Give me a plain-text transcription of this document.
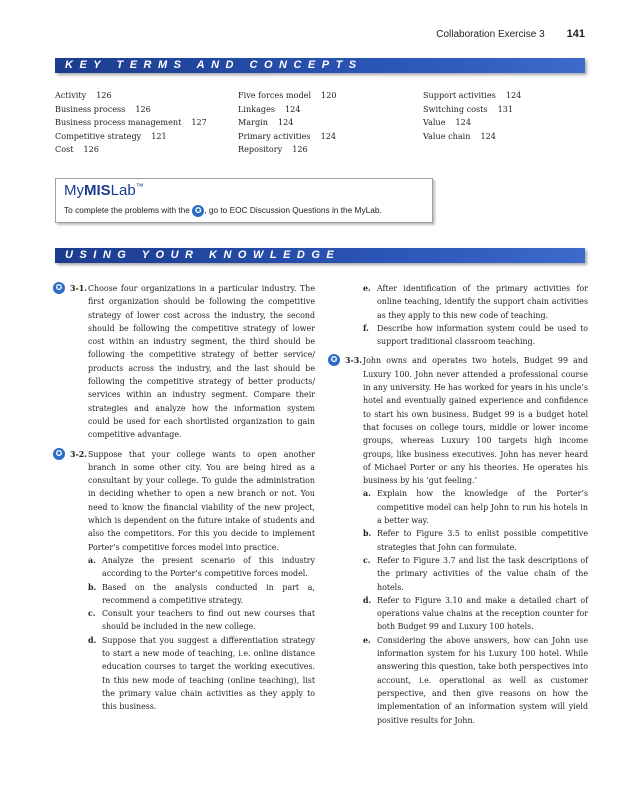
Collaboration Exercise 3 141
KEY TERMS AND CONCEPTS
Activity 126
Business process 126
Business process management 127
Competitive strategy 121
Cost 126
Five forces model 120
Linkages 124
Margin 124
Primary activities 124
Repository 126
Support activities 124
Switching costs 131
Value 124
Value chain 124
MyMISLab™
To complete the problems with the ✪ , go to EOC Discussion Questions in the MyLab.
USING YOUR KNOWLEDGE
✪ 3-1. Choose four organizations in a particular industry. The first organization should be following the competitive strategy of lower cost across the industry, the second should be following the competitive strategy of lower cost within an industry segment, the third should be following the competitive strategy of better service/ products across the industry, and the last should be following the competitive strategy of better products/ services within an industry segment. Compare their strategies and analyze how the information system could be used for each shortlisted organization to gain competitive advantage.
✪ 3-2. Suppose that your college wants to open another branch in some other city. You are being hired as a consultant by your college. To guide the administration in deciding whether to open a new branch or not. You need to know the financial viability of the new project, which is dependent on the future intake of students and also the competitors. For this you decide to implement Porter’s competitive forces model into practice.
a. Analyze the present scenario of this industry according to the Porter’s competitive forces model.
b. Based on the analysis conducted in part a, recommend a competitive strategy.
c. Consult your teachers to find out new courses that should be included in the new college.
d. Suppose that you suggest a differentiation strategy to start a new mode of teaching, i.e. online distance education courses to target the working executives. In this new mode of teaching (online teaching), list the primary value chain activities as they apply to this business.
e. After identification of the primary activities for online teaching, identify the support chain activities as they apply to this new code of teaching.
f. Describe how information system could be used to support traditional classroom teaching.
✪ 3-3. John owns and operates two hotels, Budget 99 and Luxury 100. John never attended a professional course in any university. He has worked for years in his uncle’s hotel and eventually gained experience and confidence to start his own business. Budget 99 is a budget hotel that focuses on college tours, middle or lower income groups, whereas Luxury 100 targets high income groups, like business executives. John has never heard of Michael Porter or any his theories. He operates his business by his ‘gut feeling.’
a. Explain how the knowledge of the Porter’s competitive model can help John to run his hotels in a better way.
b. Refer to Figure 3.5 to enlist possible competitive strategies that John can formulate.
c. Refer to Figure 3.7 and list the task descriptions of the primary activities of the value chain of the hotels.
d. Refer to Figure 3.10 and make a detailed chart of operations value chains at the reception counter for both Budget 99 and Luxury 100 hotels.
e. Considering the above answers, how can John use information system for his Luxury 100 hotel. While answering this question, take both perspectives into account, i.e. operational as well as customer perspective, and then give reasons on how the implementation of an information system will yield positive results for John.
